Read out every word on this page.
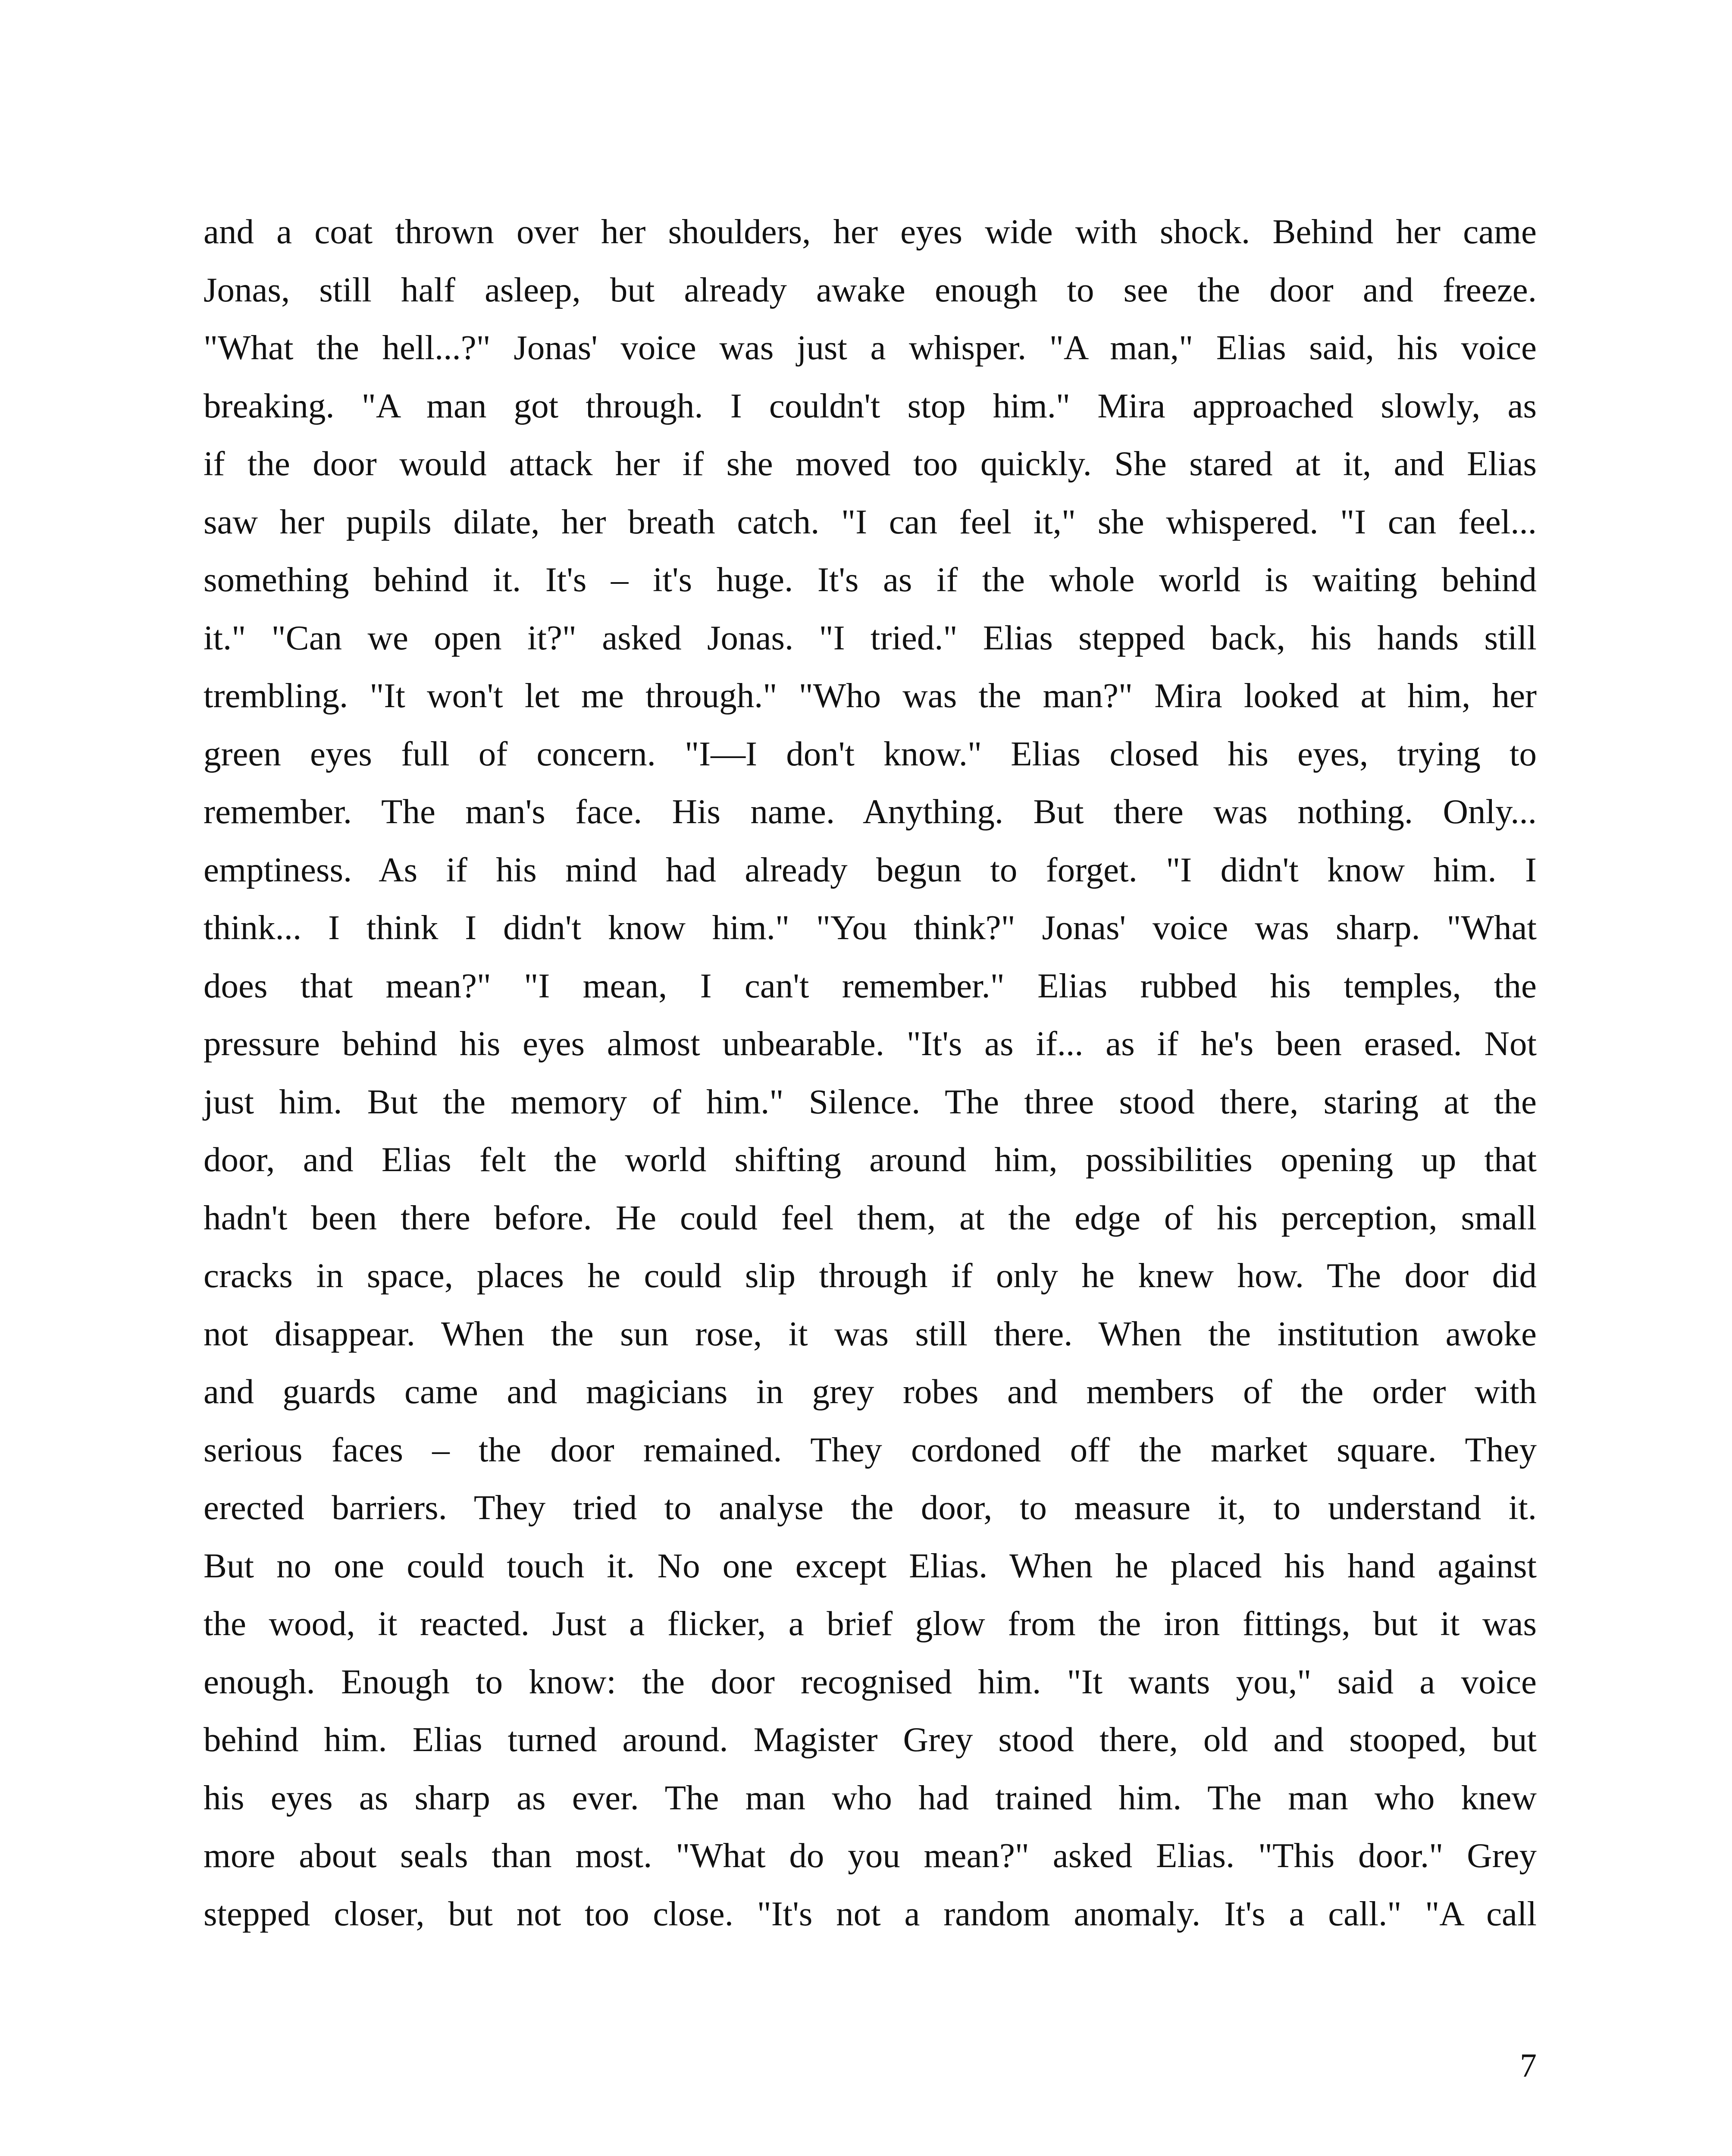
and a coat thrown over her shoulders, her eyes wide with shock. Behind her came
Jonas, still half asleep, but already awake enough to see the door and freeze.
"What the hell...?" Jonas' voice was just a whisper. "A man," Elias said, his voice
breaking. "A man got through. I couldn't stop him." Mira approached slowly, as
if the door would attack her if she moved too quickly. She stared at it, and Elias
saw her pupils dilate, her breath catch. "I can feel it," she whispered. "I can feel...
something behind it. It's – it's huge. It's as if the whole world is waiting behind
it." "Can we open it?" asked Jonas. "I tried." Elias stepped back, his hands still
trembling. "It won't let me through." "Who was the man?" Mira looked at him, her
green eyes full of concern. "I—I don't know." Elias closed his eyes, trying to
remember. The man's face. His name. Anything. But there was nothing. Only...
emptiness. As if his mind had already begun to forget. "I didn't know him. I
think... I think I didn't know him." "You think?" Jonas' voice was sharp. "What
does that mean?" "I mean, I can't remember." Elias rubbed his temples, the
pressure behind his eyes almost unbearable. "It's as if... as if he's been erased. Not
just him. But the memory of him." Silence. The three stood there, staring at the
door, and Elias felt the world shifting around him, possibilities opening up that
hadn't been there before. He could feel them, at the edge of his perception, small
cracks in space, places he could slip through if only he knew how. The door did
not disappear. When the sun rose, it was still there. When the institution awoke
and guards came and magicians in grey robes and members of the order with
serious faces – the door remained. They cordoned off the market square. They
erected barriers. They tried to analyse the door, to measure it, to understand it.
But no one could touch it. No one except Elias. When he placed his hand against
the wood, it reacted. Just a flicker, a brief glow from the iron fittings, but it was
enough. Enough to know: the door recognised him. "It wants you," said a voice
behind him. Elias turned around. Magister Grey stood there, old and stooped, but
his eyes as sharp as ever. The man who had trained him. The man who knew
more about seals than most. "What do you mean?" asked Elias. "This door." Grey
stepped closer, but not too close. "It's not a random anomaly. It's a call." "A call
7
